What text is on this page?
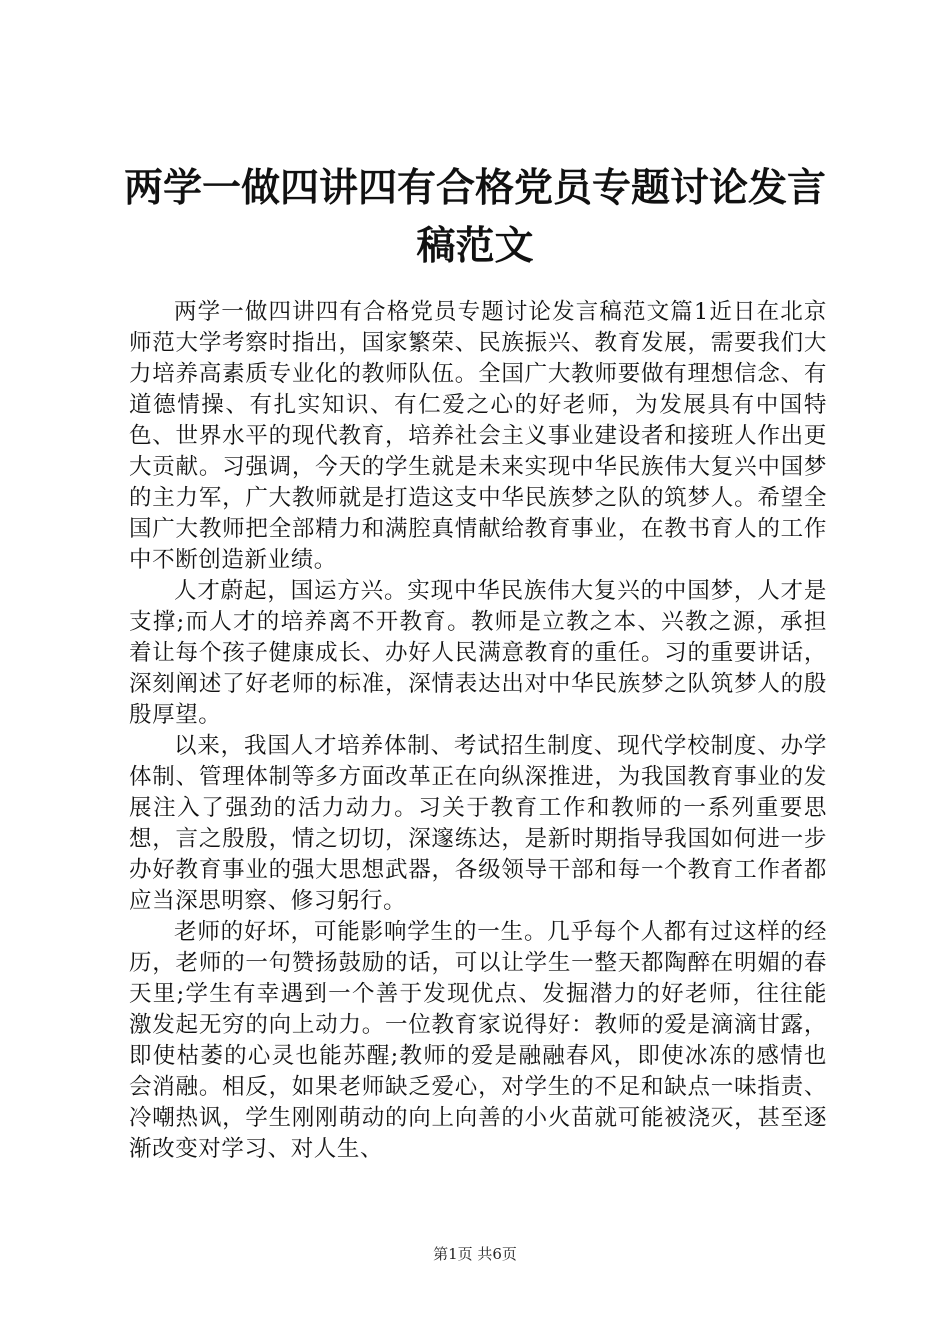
两学一做四讲四有合格党员专题讨论发言稿范文

两学一做四讲四有合格党员专题讨论发言稿范文篇1近日在北京师范大学考察时指出，国家繁荣、民族振兴、教育发展，需要我们大力培养高素质专业化的教师队伍。全国广大教师要做有理想信念、有道德情操、有扎实知识、有仁爱之心的好老师，为发展具有中国特色、世界水平的现代教育，培养社会主义事业建设者和接班人作出更大贡献。习强调，今天的学生就是未来实现中华民族伟大复兴中国梦的主力军，广大教师就是打造这支中华民族梦之队的筑梦人。希望全国广大教师把全部精力和满腔真情献给教育事业，在教书育人的工作中不断创造新业绩。

人才蔚起，国运方兴。实现中华民族伟大复兴的中国梦，人才是支撑;而人才的培养离不开教育。教师是立教之本、兴教之源，承担着让每个孩子健康成长、办好人民满意教育的重任。习的重要讲话，深刻阐述了好老师的标准，深情表达出对中华民族梦之队筑梦人的殷殷厚望。

以来，我国人才培养体制、考试招生制度、现代学校制度、办学体制、管理体制等多方面改革正在向纵深推进，为我国教育事业的发展注入了强劲的活力动力。习关于教育工作和教师的一系列重要思想，言之殷殷，情之切切，深邃练达，是新时期指导我国如何进一步办好教育事业的强大思想武器，各级领导干部和每一个教育工作者都应当深思明察、修习躬行。

老师的好坏，可能影响学生的一生。几乎每个人都有过这样的经历，老师的一句赞扬鼓励的话，可以让学生一整天都陶醉在明媚的春天里;学生有幸遇到一个善于发现优点、发掘潜力的好老师，往往能激发起无穷的向上动力。一位教育家说得好：教师的爱是滴滴甘露，即使枯萎的心灵也能苏醒;教师的爱是融融春风，即使冰冻的感情也会消融。相反，如果老师缺乏爱心，对学生的不足和缺点一味指责、冷嘲热讽，学生刚刚萌动的向上向善的小火苗就可能被浇灭，甚至逐渐改变对学习、对人生、

第1页 共6页
